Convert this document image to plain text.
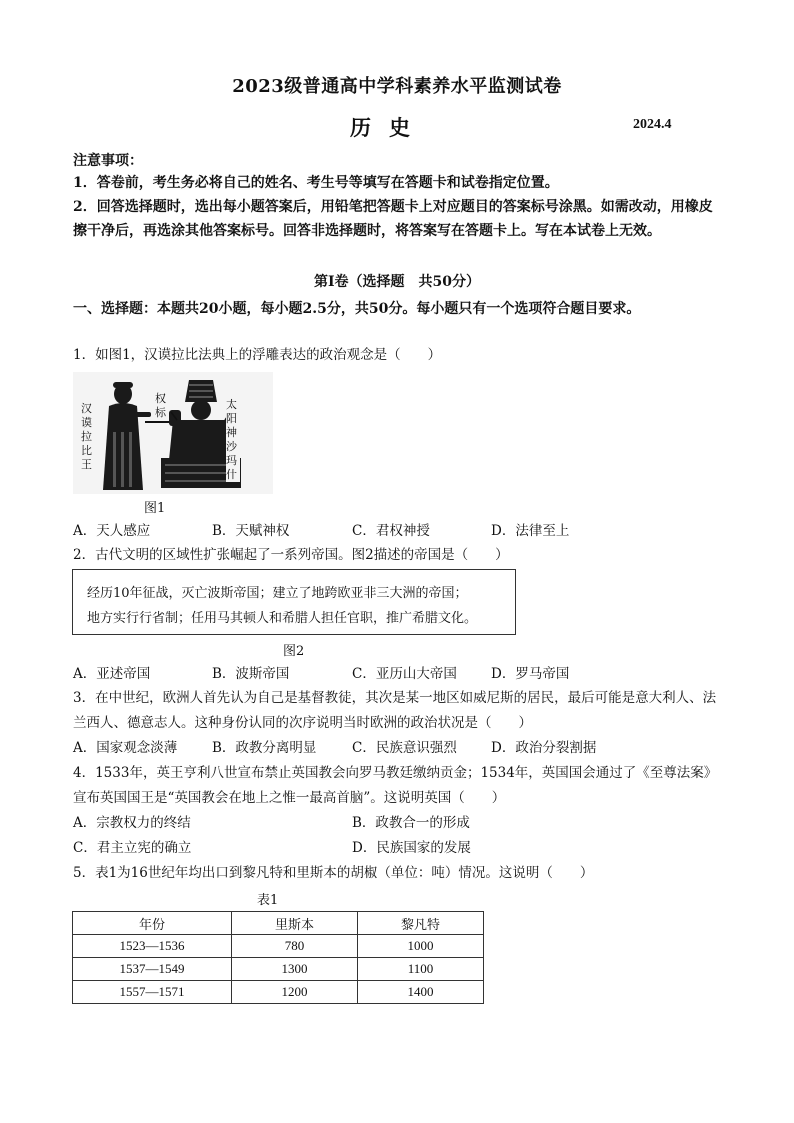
2023级普通高中学科素养水平监测试卷
历史	2024.4
注意事项：
1．答卷前，考生务必将自己的姓名、考生号等填写在答题卡和试卷指定位置。
2．回答选择题时，选出每小题答案后，用铅笔把答题卡上对应题目的答案标号涂黑。如需改动，用橡皮擦干净后，再选涂其他答案标号。回答非选择题时，将答案写在答题卡上。写在本试卷上无效。
第Ⅰ卷（选择题　共50分）
一、选择题：本题共20小题，每小题2.5分，共50分。每小题只有一个选项符合题目要求。
1．如图1，汉谟拉比法典上的浮雕表达的政治观念是（　　）
汉谟拉比王
权标
太阳神沙玛什
图1
A．天人感应	B．天赋神权	C．君权神授	D．法律至上
2．古代文明的区域性扩张崛起了一系列帝国。图2描述的帝国是（　　）
经历10年征战，灭亡波斯帝国；建立了地跨欧亚非三大洲的帝国；
地方实行行省制；任用马其顿人和希腊人担任官职，推广希腊文化。
图2
A．亚述帝国	B．波斯帝国	C．亚历山大帝国	D．罗马帝国
3．在中世纪，欧洲人首先认为自己是基督教徒，其次是某一地区如威尼斯的居民，最后可能是意大利人、法兰西人、德意志人。这种身份认同的次序说明当时欧洲的政治状况是（　　）
A．国家观念淡薄	B．政教分离明显	C．民族意识强烈	D．政治分裂割据
4．1533年，英王亨利八世宣布禁止英国教会向罗马教廷缴纳贡金；1534年，英国国会通过了《至尊法案》宣布英国国王是“英国教会在地上之惟一最高首脑”。这说明英国（　　）
A．宗教权力的终结	B．政教合一的形成
C．君主立宪的确立	D．民族国家的发展
5．表1为16世纪年均出口到黎凡特和里斯本的胡椒（单位：吨）情况。这说明（　　）
表1
年份	里斯本	黎凡特
1523—1536	780	1000
1537—1549	1300	1100
1557—1571	1200	1400
